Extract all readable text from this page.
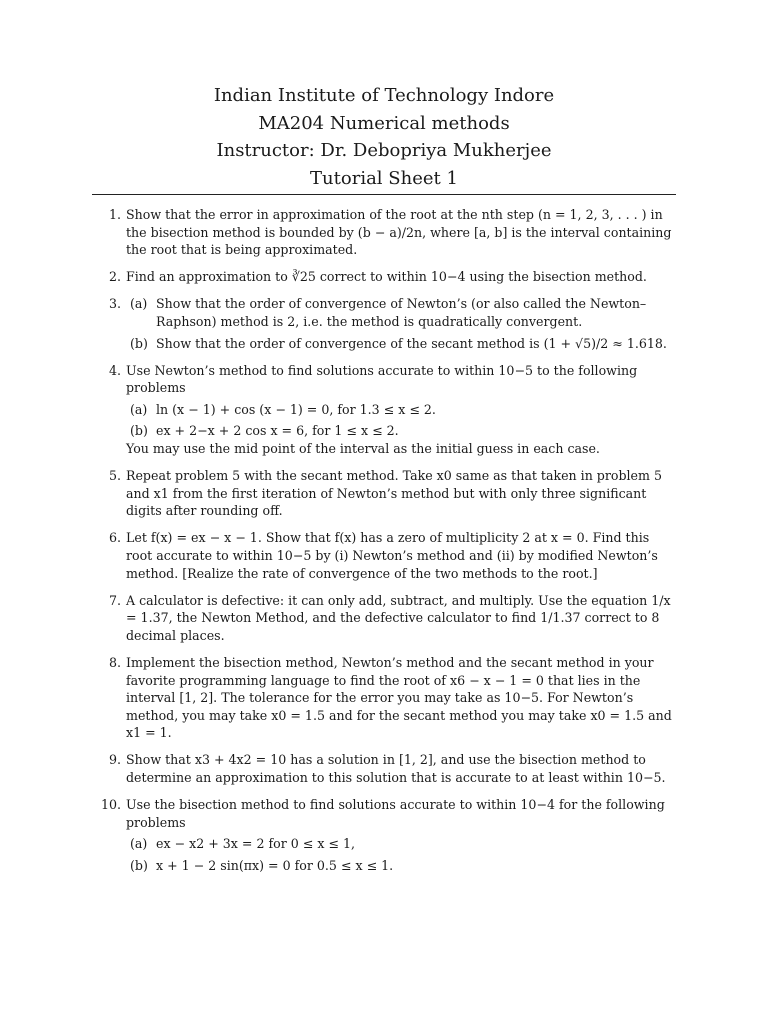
Indian Institute of Technology Indore
MA204 Numerical methods
Instructor: Dr. Debopriya Mukherjee
Tutorial Sheet 1
1. Show that the error in approximation of the root at the nth step (n = 1, 2, 3, . . . ) in the bisection method is bounded by (b − a)/2n, where [a, b] is the interval containing the root that is being approximated.

2. Find an approximation to ∛25 correct to within 10−4 using the bisection method.

3. (a) Show that the order of convergence of Newton’s (or also called the Newton–Raphson) method is 2, i.e. the method is quadratically convergent.

(b) Show that the order of convergence of the secant method is (1 + √5)/2 ≈ 1.618.

4. Use Newton’s method to find solutions accurate to within 10−5 to the following problems

(a) ln (x − 1) + cos (x − 1) = 0, for 1.3 ≤ x ≤ 2.

(b) ex + 2−x + 2 cos x = 6, for 1 ≤ x ≤ 2.

You may use the mid point of the interval as the initial guess in each case.

5. Repeat problem 5 with the secant method. Take x0 same as that taken in problem 5 and x1 from the first iteration of Newton’s method but with only three significant digits after rounding off.

6. Let f(x) = ex − x − 1. Show that f(x) has a zero of multiplicity 2 at x = 0. Find this root accurate to within 10−5 by (i) Newton’s method and (ii) by modified Newton’s method. [Realize the rate of convergence of the two methods to the root.]

7. A calculator is defective: it can only add, subtract, and multiply. Use the equation 1/x = 1.37, the Newton Method, and the defective calculator to find 1/1.37 correct to 8 decimal places.

8. Implement the bisection method, Newton’s method and the secant method in your favorite programming language to find the root of x6 − x − 1 = 0 that lies in the interval [1, 2]. The tolerance for the error you may take as 10−5. For Newton’s method, you may take x0 = 1.5 and for the secant method you may take x0 = 1.5 and x1 = 1.

9. Show that x3 + 4x2 = 10 has a solution in [1, 2], and use the bisection method to determine an approximation to this solution that is accurate to at least within 10−5.

10. Use the bisection method to find solutions accurate to within 10−4 for the following problems

(a) ex − x2 + 3x = 2 for 0 ≤ x ≤ 1,

(b) x + 1 − 2 sin(πx) = 0 for 0.5 ≤ x ≤ 1.
